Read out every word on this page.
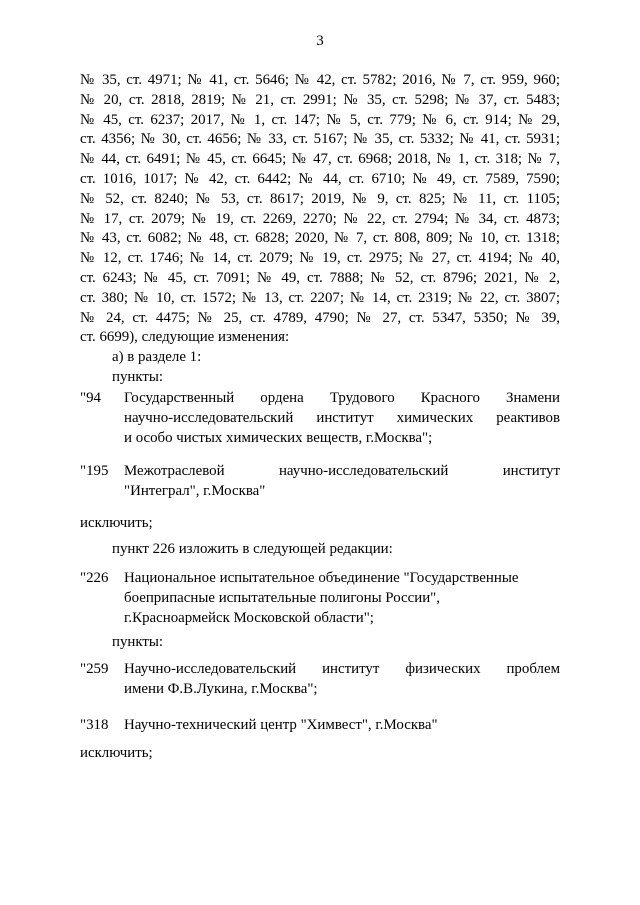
3
№ 35, ст. 4971; № 41, ст. 5646; № 42, ст. 5782; 2016, № 7, ст. 959, 960;
№ 20, ст. 2818, 2819; № 21, ст. 2991; № 35, ст. 5298; № 37, ст. 5483;
№ 45, ст. 6237; 2017, № 1, ст. 147; № 5, ст. 779; № 6, ст. 914; № 29,
ст. 4356; № 30, ст. 4656; № 33, ст. 5167; № 35, ст. 5332; № 41, ст. 5931;
№ 44, ст. 6491; № 45, ст. 6645; № 47, ст. 6968; 2018, № 1, ст. 318; № 7,
ст. 1016, 1017; № 42, ст. 6442; № 44, ст. 6710; № 49, ст. 7589, 7590;
№ 52, ст. 8240; № 53, ст. 8617; 2019, № 9, ст. 825; № 11, ст. 1105;
№ 17, ст. 2079; № 19, ст. 2269, 2270; № 22, ст. 2794; № 34, ст. 4873;
№ 43, ст. 6082; № 48, ст. 6828; 2020, № 7, ст. 808, 809; № 10, ст. 1318;
№ 12, ст. 1746; № 14, ст. 2079; № 19, ст. 2975; № 27, ст. 4194; № 40,
ст. 6243; № 45, ст. 7091; № 49, ст. 7888; № 52, ст. 8796; 2021, № 2,
ст. 380; № 10, ст. 1572; № 13, ст. 2207; № 14, ст. 2319; № 22, ст. 3807;
№ 24, ст. 4475; № 25, ст. 4789, 4790; № 27, ст. 5347, 5350; № 39,
ст. 6699), следующие изменения:
а) в разделе 1:
пункты:
"94 Государственный ордена Трудового Красного Знамени
научно-исследовательский институт химических реактивов
и особо чистых химических веществ, г.Москва";
"195 Межотраслевой научно-исследовательский институт
"Интеграл", г.Москва"
исключить;
пункт 226 изложить в следующей редакции:
"226 Национальное испытательное объединение "Государственные
боеприпасные испытательные полигоны России",
г.Красноармейск Московской области";
пункты:
"259 Научно-исследовательский институт физических проблем
имени Ф.В.Лукина, г.Москва";
"318 Научно-технический центр "Химвест", г.Москва"
исключить;
